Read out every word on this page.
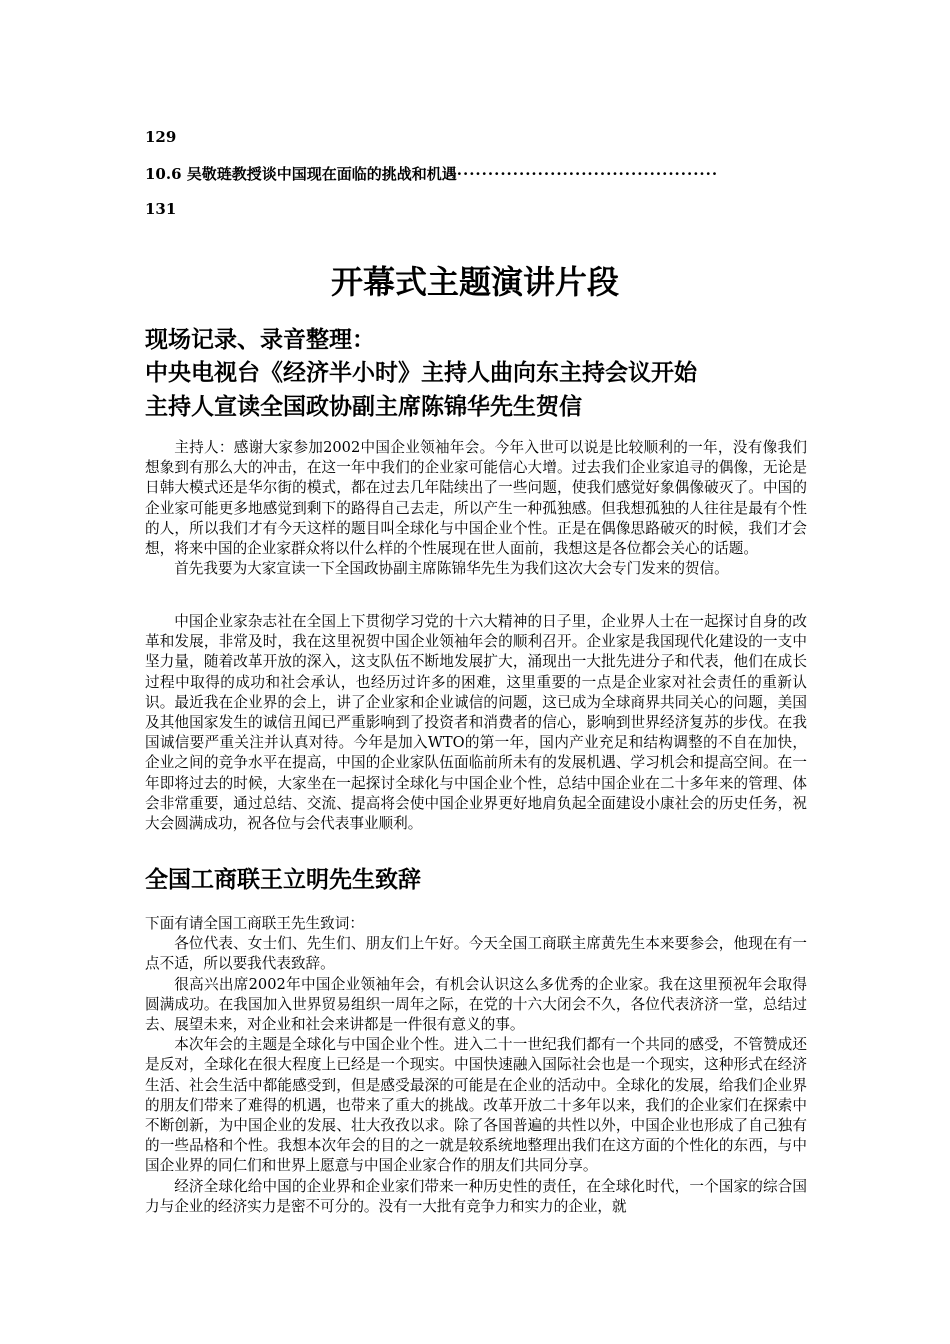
129
10.6 吴敬琏教授谈中国现在面临的挑战和机遇··········································
131
开幕式主题演讲片段
现场记录、录音整理：
中央电视台《经济半小时》主持人曲向东主持会议开始
主持人宣读全国政协副主席陈锦华先生贺信

主持人：感谢大家参加2002中国企业领袖年会。今年入世可以说是比较顺利的一年，没有像我们想象到有那么大的冲击，在这一年中我们的企业家可能信心大增。过去我们企业家追寻的偶像，无论是日韩大模式还是华尔街的模式，都在过去几年陆续出了一些问题，使我们感觉好象偶像破灭了。中国的企业家可能更多地感觉到剩下的路得自己去走，所以产生一种孤独感。但我想孤独的人往往是最有个性的人，所以我们才有今天这样的题目叫全球化与中国企业个性。正是在偶像思路破灭的时候，我们才会想，将来中国的企业家群众将以什么样的个性展现在世人面前，我想这是各位都会关心的话题。

首先我要为大家宣读一下全国政协副主席陈锦华先生为我们这次大会专门发来的贺信。

中国企业家杂志社在全国上下贯彻学习党的十六大精神的日子里，企业界人士在一起探讨自身的改革和发展，非常及时，我在这里祝贺中国企业领袖年会的顺利召开。企业家是我国现代化建设的一支中坚力量，随着改革开放的深入，这支队伍不断地发展扩大，涌现出一大批先进分子和代表，他们在成长过程中取得的成功和社会承认，也经历过许多的困难，这里重要的一点是企业家对社会责任的重新认识。最近我在企业界的会上，讲了企业家和企业诚信的问题，这已成为全球商界共同关心的问题，美国及其他国家发生的诚信丑闻已严重影响到了投资者和消费者的信心，影响到世界经济复苏的步伐。在我国诚信要严重关注并认真对待。今年是加入WTO的第一年，国内产业充足和结构调整的不自在加快，企业之间的竞争水平在提高，中国的企业家队伍面临前所未有的发展机遇、学习机会和提高空间。在一年即将过去的时候，大家坐在一起探讨全球化与中国企业个性，总结中国企业在二十多年来的管理、体会非常重要，通过总结、交流、提高将会使中国企业界更好地肩负起全面建设小康社会的历史任务，祝大会圆满成功，祝各位与会代表事业顺利。

全国工商联王立明先生致辞

下面有请全国工商联王先生致词：

各位代表、女士们、先生们、朋友们上午好。今天全国工商联主席黄先生本来要参会，他现在有一点不适，所以要我代表致辞。

很高兴出席2002年中国企业领袖年会，有机会认识这么多优秀的企业家。我在这里预祝年会取得圆满成功。在我国加入世界贸易组织一周年之际，在党的十六大闭会不久，各位代表济济一堂，总结过去、展望未来，对企业和社会来讲都是一件很有意义的事。

本次年会的主题是全球化与中国企业个性。进入二十一世纪我们都有一个共同的感受，不管赞成还是反对，全球化在很大程度上已经是一个现实。中国快速融入国际社会也是一个现实，这种形式在经济生活、社会生活中都能感受到，但是感受最深的可能是在企业的活动中。全球化的发展，给我们企业界的朋友们带来了难得的机遇，也带来了重大的挑战。改革开放二十多年以来，我们的企业家们在探索中不断创新，为中国企业的发展、壮大孜孜以求。除了各国普遍的共性以外，中国企业也形成了自己独有的一些品格和个性。我想本次年会的目的之一就是较系统地整理出我们在这方面的个性化的东西，与中国企业界的同仁们和世界上愿意与中国企业家合作的朋友们共同分享。

经济全球化给中国的企业界和企业家们带来一种历史性的责任，在全球化时代，一个国家的综合国力与企业的经济实力是密不可分的。没有一大批有竞争力和实力的企业，就
